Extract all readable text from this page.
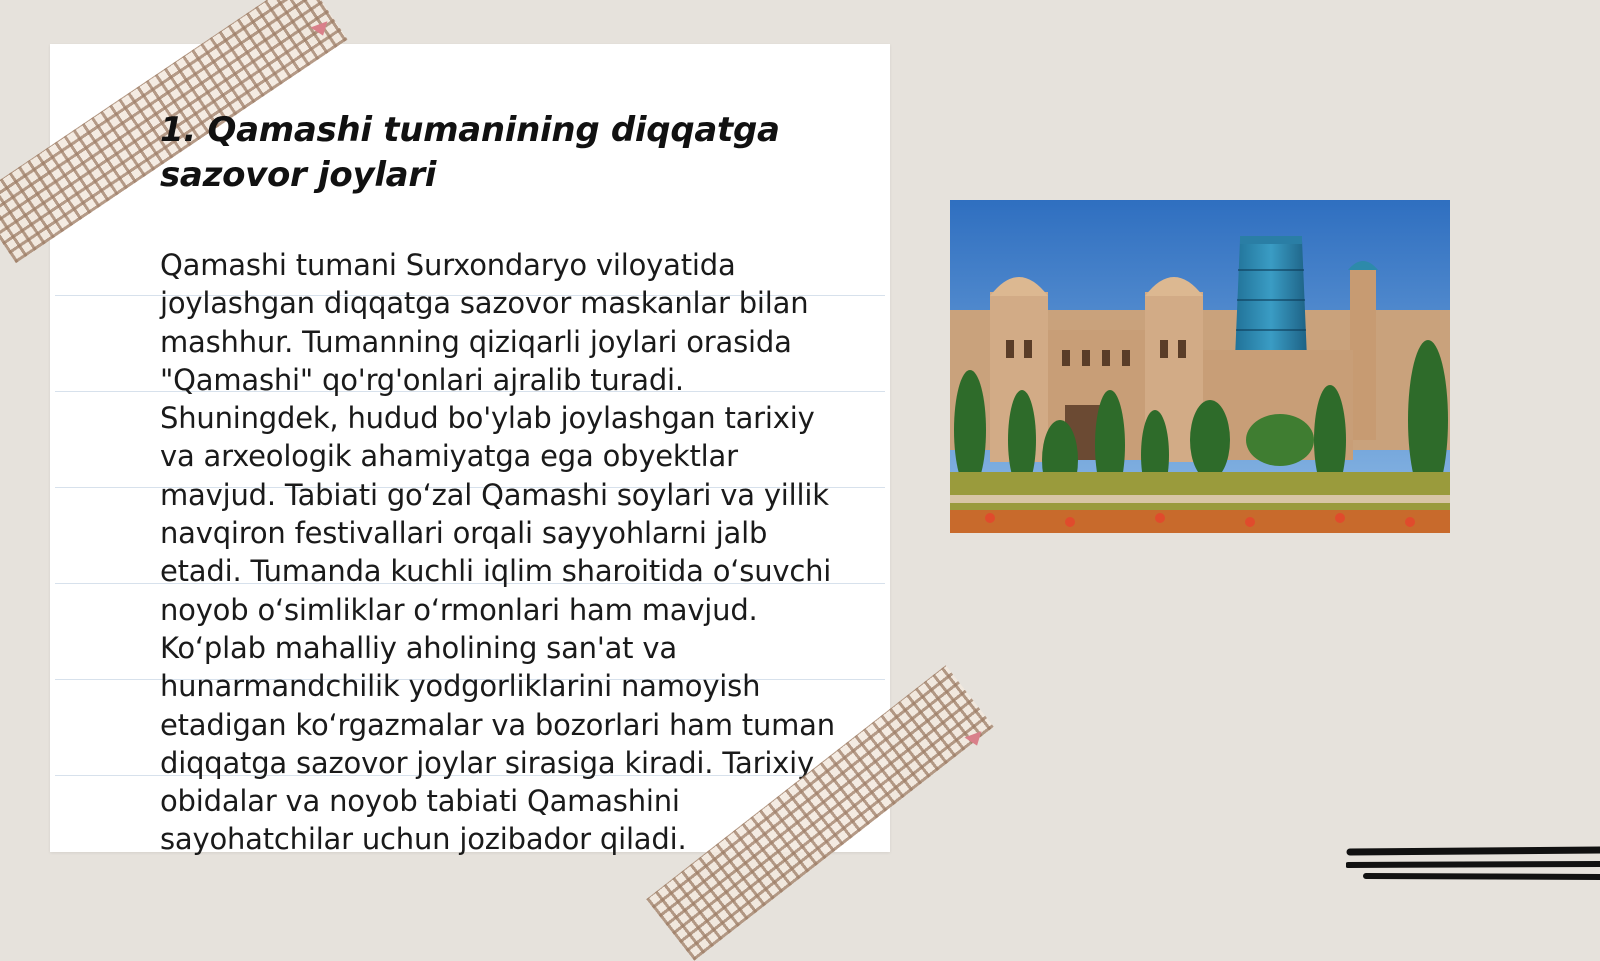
1. Qamashi tumanining diqqatga sazovor joylari

Qamashi tumani Surxondaryo viloyatida joylashgan diqqatga sazovor maskanlar bilan mashhur. Tumanning qiziqarli joylari orasida "Qamashi" qo'rg'onlari ajralib turadi. Shuningdek, hudud bo'ylab joylashgan tarixiy va arxeologik ahamiyatga ega obyektlar mavjud. Tabiati go‘zal Qamashi soylari va yillik navqiron festivallari orqali sayyohlarni jalb etadi. Tumanda kuchli iqlim sharoitida o‘suvchi noyob o‘simliklar o‘rmonlari ham mavjud. Ko‘plab mahalliy aholining san'at va hunarmandchilik yodgorliklarini namoyish etadigan ko‘rgazmalar va bozorlari ham tuman diqqatga sazovor joylar sirasiga kiradi. Tarixiy obidalar va noyob tabiati Qamashini sayohatchilar uchun jozibador qiladi.
